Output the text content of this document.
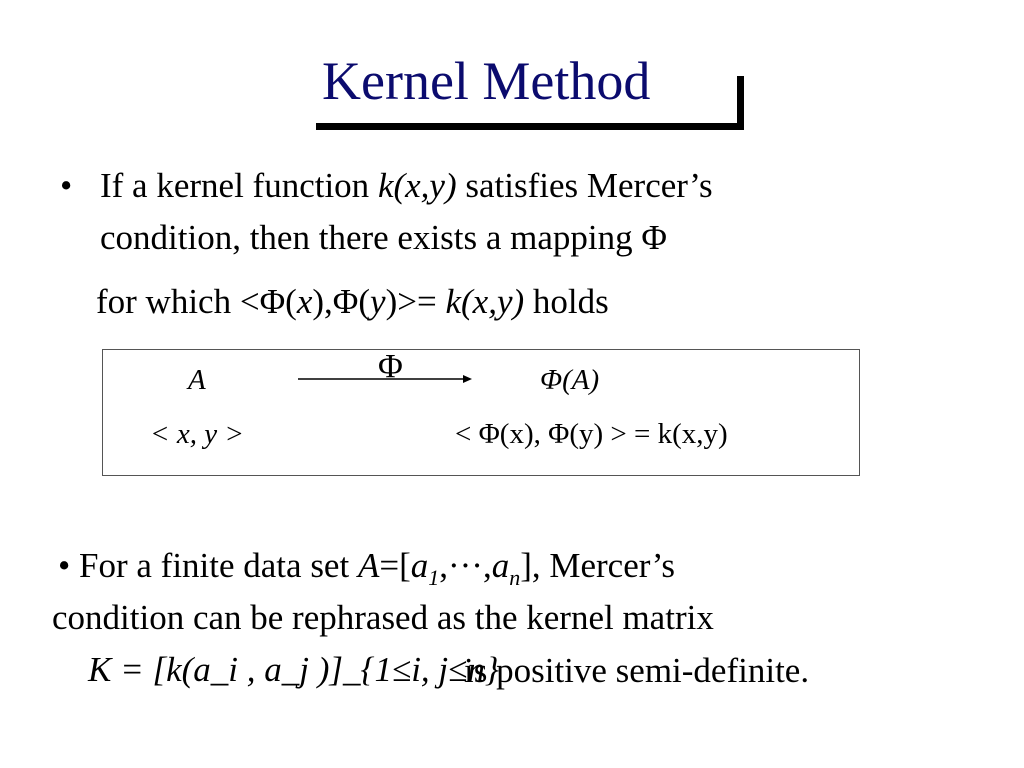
Kernel Method
• If a kernel function k(x,y) satisfies Mercer’s
condition, then there exists a mapping Φ
for which <Φ(x),Φ(y)>= k(x,y) holds
Φ
A	Φ(A)
< x, y >	< Φ(x), Φ(y) > = k(x,y)
• For a finite data set $A=[a_1,\cdot\cdot\cdot,a_n]$, Mercer’s
condition can be rephrased as the kernel matrix
K = [k(a_i , a_j )]_{1≤i, j≤n}
is positive semi-definite.
